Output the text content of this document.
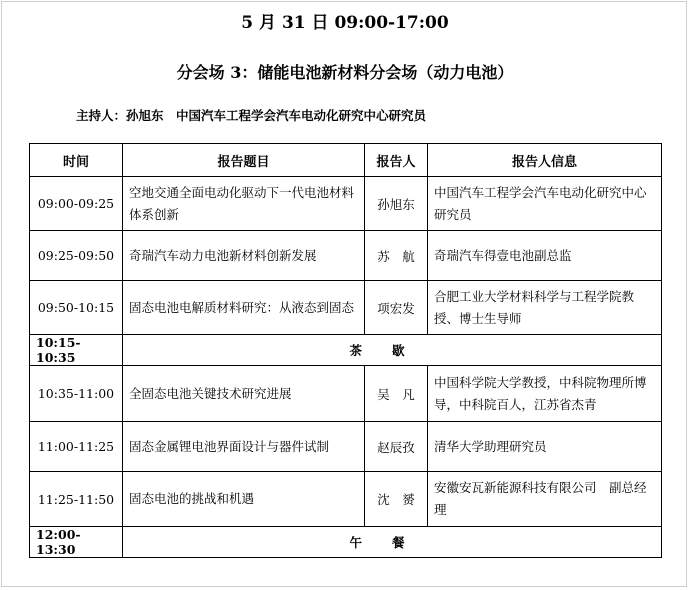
5 月 31 日 09:00-17:00
分会场 3：储能电池新材料分会场（动力电池）
主持人：孙旭东　中国汽车工程学会汽车电动化研究中心研究员
时间	报告题目	报告人	报告人信息
09:00-09:25	空地交通全面电动化驱动下一代电池材料体系创新	孙旭东	中国汽车工程学会汽车电动化研究中心研究员

09:25-09:50	奇瑞汽车动力电池新材料创新发展	苏　航	奇瑞汽车得壹电池副总监

09:50-10:15	固态电池电解质材料研究：从液态到固态	项宏发	合肥工业大学材料科学与工程学院教授、博士生导师

10:15-10:35	茶歇		
10:35-11:00	全固态电池关键技术研究进展	吴　凡	中国科学院大学教授，中科院物理所博导，中科院百人，江苏省杰青

11:00-11:25	固态金属锂电池界面设计与器件试制	赵辰孜	清华大学助理研究员

11:25-11:50	固态电池的挑战和机遇	沈　赟	安徽安瓦新能源科技有限公司　副总经理

12:00-13:30	午餐		
